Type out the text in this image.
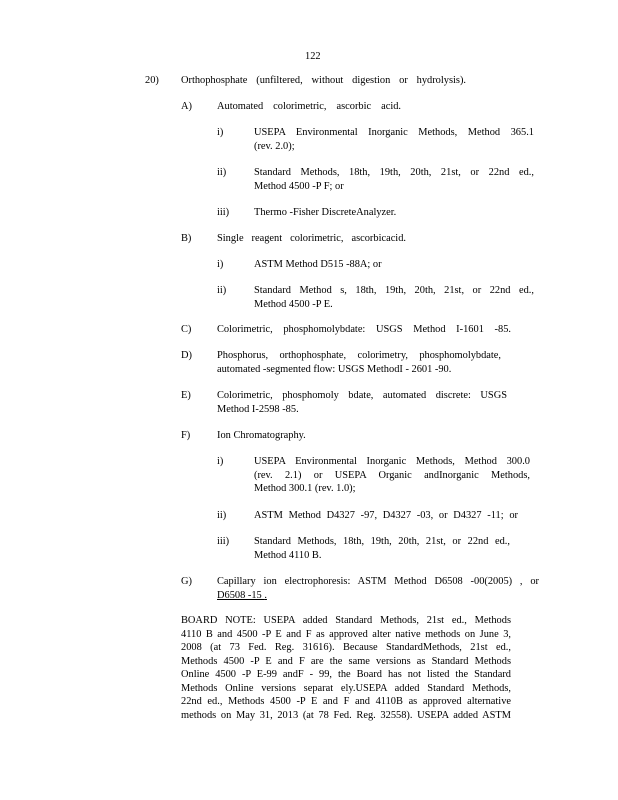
122
20) Orthophosphate (unfiltered, without digestion or hydrolysis).
A) Automated colorimetric, ascorbic acid.
i)	USEPA Environmental Inorganic Methods, Method 365.1
(rev. 2.0);
ii)	Standard Methods, 18th, 19th, 20th, 21st, or 22nd ed.,
Method 4500 -P F; or
iii) Thermo -Fisher DiscreteAnalyzer.
B) Single reagent colorimetric, ascorbicacid.
i)	ASTM Method D515 -88A; or
ii)	Standard Method s, 18th, 19th, 20th, 21st, or 22nd ed.,
Method 4500 -P E.
C) Colorimetric, phosphomolybdate: USGS Method I-1601 -85.
D) Phosphorus, orthophosphate, colorimetry, phosphomolybdate,
automated -segmented flow: USGS MethodI - 2601 -90.
E)	Colorimetric, phosphomoly bdate, automated discrete: USGS
Method I-2598 -85.
F)	Ion Chromatography.
i)	USEPA Environmental Inorganic Methods, Method 300.0
(rev. 2.1) or USEPA Organic andInorganic Methods,
Method 300.1 (rev. 1.0);
ii)	ASTM Method D4327 -97, D4327 -03, or D4327 -11; or
iii) Standard Methods, 18th, 19th, 20th, 21st, or 22nd ed.,
Method 4110 B.
G) Capillary ion electrophoresis: ASTM Method D6508 -00(2005) , or
D6508 -15 .
BOARD NOTE: USEPA added Standard Methods, 21st ed., Methods
4110 B and 4500 -P E and F as approved alter native methods on June 3,
2008 (at 73 Fed. Reg. 31616). Because StandardMethods, 21st ed.,
Methods 4500 -P E and F are the same versions as Standard Methods
Online 4500 -P E-99 andF - 99, the Board has not listed the Standard
Methods Online versions separat ely.USEPA added Standard Methods,
22nd ed., Methods 4500 -P E and F and 4110B as approved alternative
methods on May 31, 2013 (at 78 Fed. Reg. 32558). USEPA added ASTM
